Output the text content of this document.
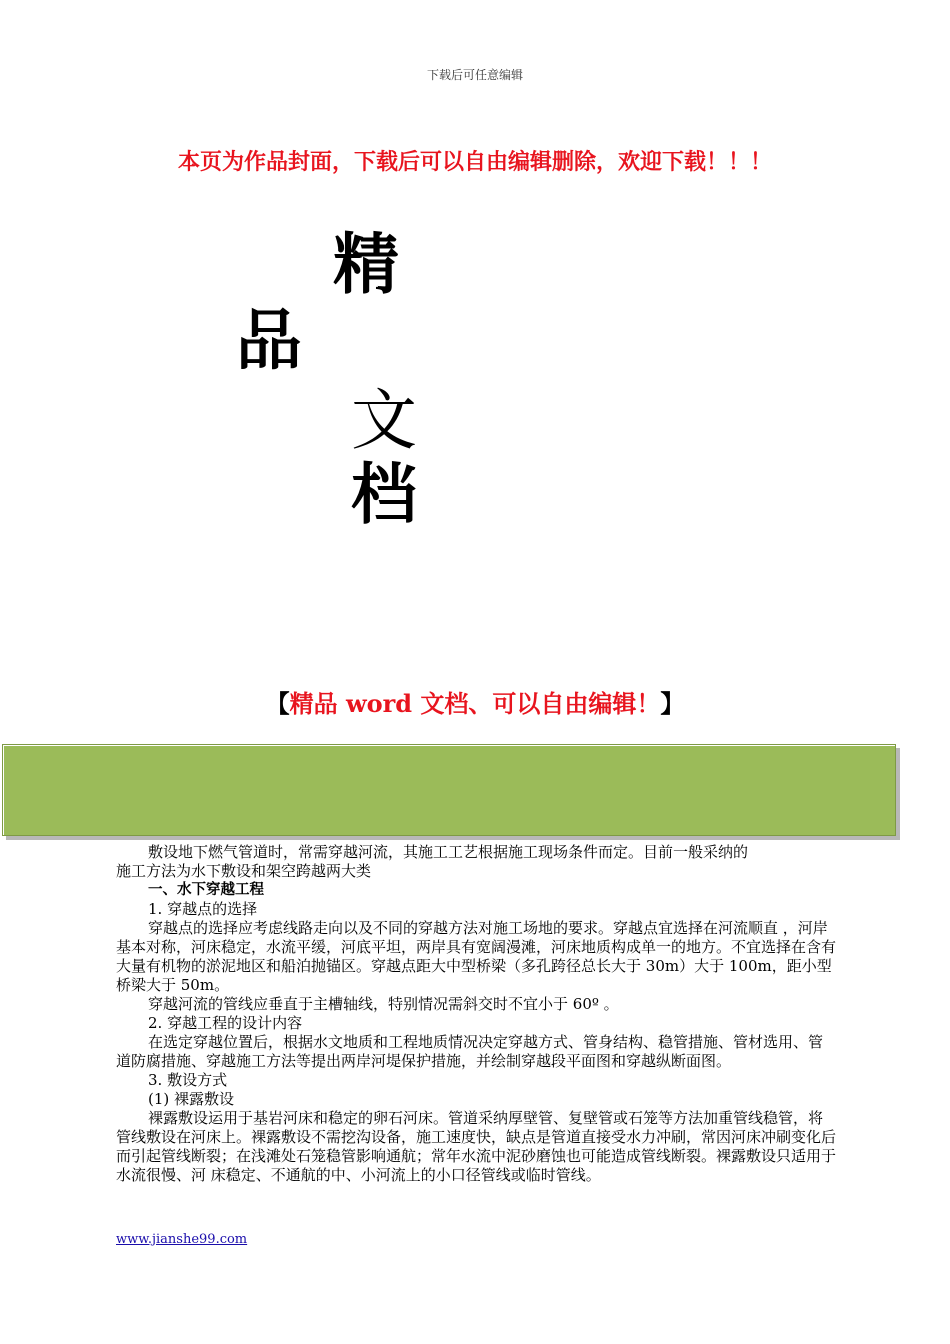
下载后可任意编辑
本页为作品封面，下载后可以自由编辑删除，欢迎下载！！！
精
品
文
档
【精品 word 文档、可以自由编辑！】

敷设地下燃气管道时，常需穿越河流，其施工工艺根据施工现场条件而定。目前一般采纳的

施工方法为水下敷设和架空跨越两大类

一、水下穿越工程

1. 穿越点的选择

穿越点的选择应考虑线路走向以及不同的穿越方法对施工场地的要求。穿越点宜选择在河流顺直 ，河岸基本对称，河床稳定，水流平缓，河底平坦，两岸具有宽阔漫滩，河床地质构成单一的地方。不宜选择在含有大量有机物的淤泥地区和船泊抛锚区。穿越点距大中型桥梁（多孔跨径总长大于 30m）大于 100m，距小型桥梁大于 50m。

穿越河流的管线应垂直于主槽轴线，特别情况需斜交时不宜小于 60º 。

2. 穿越工程的设计内容

在选定穿越位置后，根据水文地质和工程地质情况决定穿越方式、管身结构、稳管措施、管材选用、管道防腐措施、穿越施工方法等提出两岸河堤保护措施，并绘制穿越段平面图和穿越纵断面图。

3. 敷设方式

(1) 裸露敷设

裸露敷设运用于基岩河床和稳定的卵石河床。管道采纳厚壁管、复壁管或石笼等方法加重管线稳管，将管线敷设在河床上。裸露敷设不需挖沟设备，施工速度快，缺点是管道直接受水力冲刷，常因河床冲刷变化后而引起管线断裂；在浅滩处石笼稳管影响通航；常年水流中泥砂磨蚀也可能造成管线断裂。裸露敷设只适用于水流很慢、河 床稳定、不通航的中、小河流上的小口径管线或临时管线。

www.jianshe99.com
